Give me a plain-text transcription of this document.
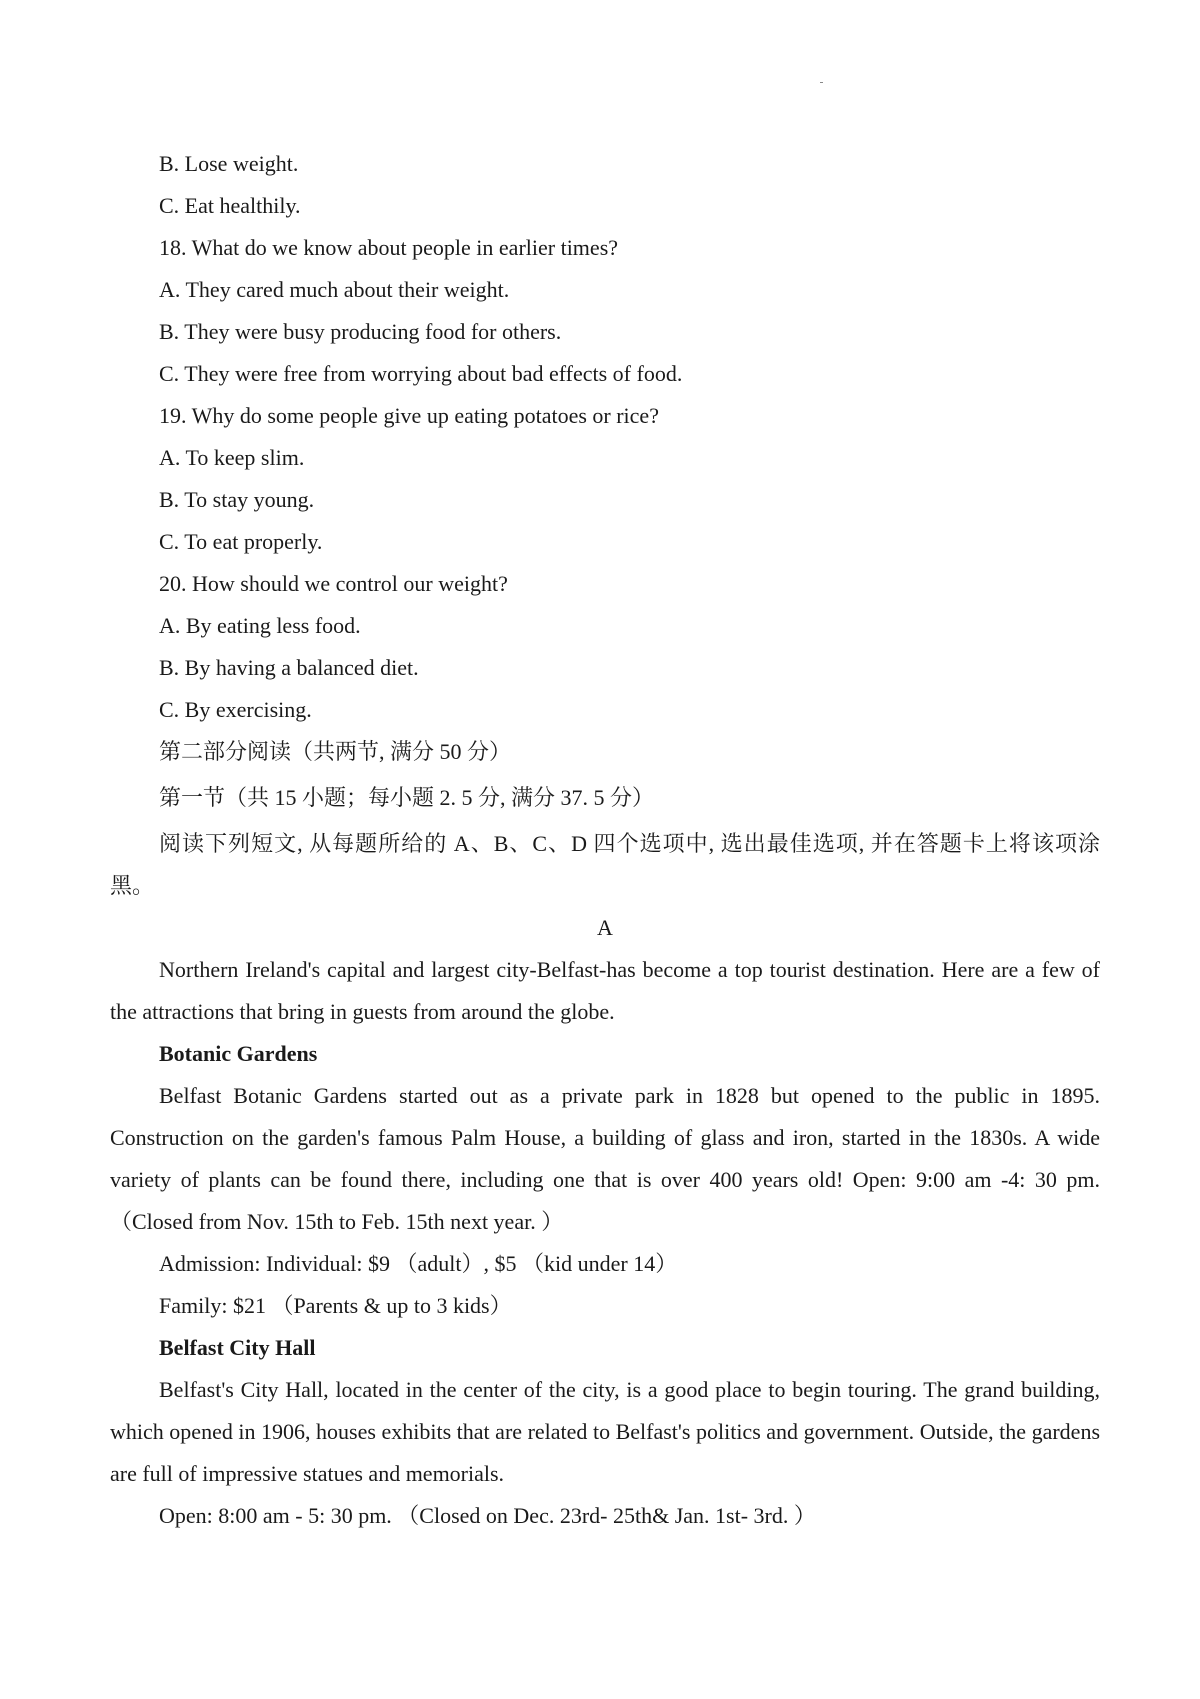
B. Lose weight.
C. Eat healthily.
18. What do we know about people in earlier times?
A. They cared much about their weight.
B. They were busy producing food for others.
C. They were free from worrying about bad effects of food.
19. Why do some people give up eating potatoes or rice?
A. To keep slim.
B. To stay young.
C. To eat properly.
20. How should we control our weight?
A. By eating less food.
B. By having a balanced diet.
C. By exercising.
第二部分阅读（共两节, 满分 50 分）
第一节（共 15 小题；每小题 2. 5 分, 满分 37. 5 分）
阅读下列短文, 从每题所给的 A、B、C、D 四个选项中, 选出最佳选项, 并在答题卡上将该项涂黑。
A
Northern Ireland's capital and largest city-Belfast-has become a top tourist destination. Here are a few of the attractions that bring in guests from around the globe.
Botanic Gardens
Belfast Botanic Gardens started out as a private park in 1828 but opened to the public in 1895. Construction on the garden's famous Palm House, a building of glass and iron, started in the 1830s. A wide variety of plants can be found there, including one that is over 400 years old! Open: 9:00 am -4: 30 pm. （Closed from Nov. 15th to Feb. 15th next year. ）
Admission: Individual: $9 （adult）, $5 （kid under 14）
Family: $21 （Parents & up to 3 kids）
Belfast City Hall
Belfast's City Hall, located in the center of the city, is a good place to begin touring. The grand building, which opened in 1906, houses exhibits that are related to Belfast's politics and government. Outside, the gardens are full of impressive statues and memorials.
Open: 8:00 am - 5: 30 pm. （Closed on Dec. 23rd- 25th& Jan. 1st- 3rd. ）
